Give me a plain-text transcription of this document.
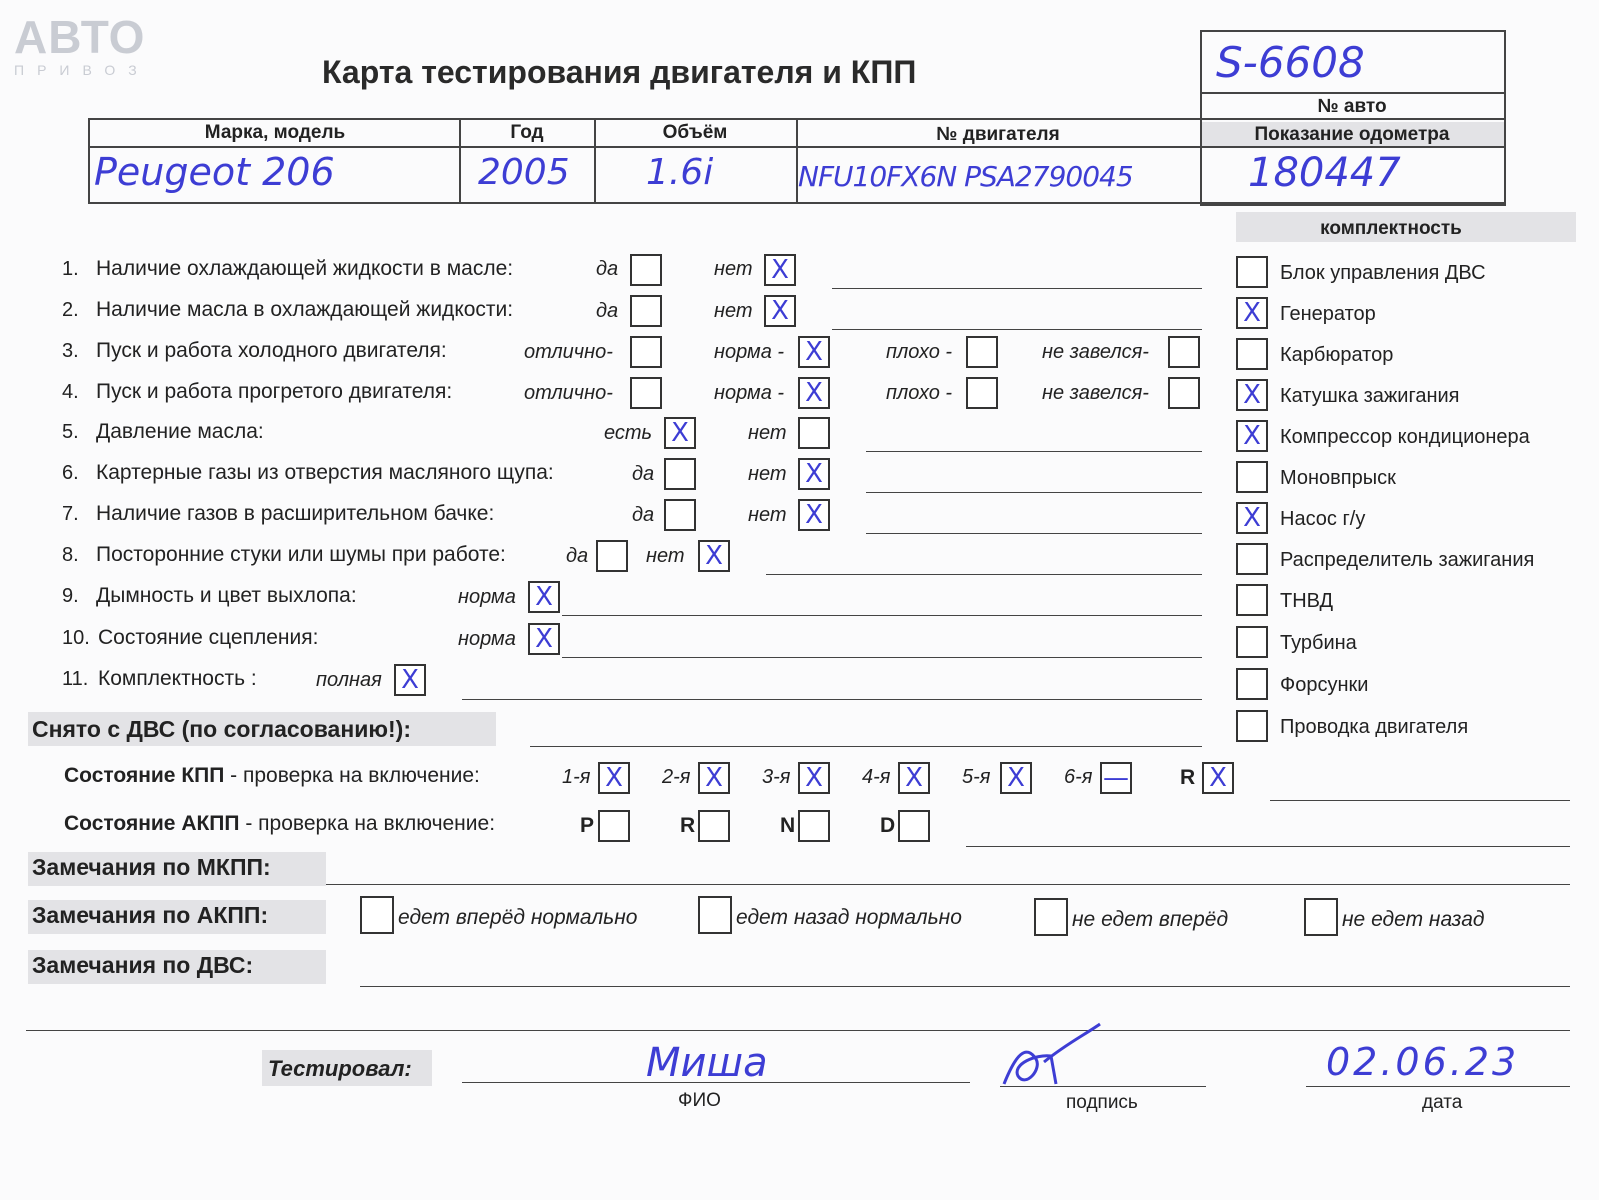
АВТО
ПРИВОЗ	Карта тестирования двигателя и КПП	S-6608
№ авто
Марка, модель	Год	Объём	№ двигателя	Показание одометра
Peugeot 206	2005 1.6i	NFU10FX6N PSA2790045	180447
1. Наличие охлаждающей жидкости в масле:	да	нет X
2. Наличие масла в охлаждающей жидкости:	да	нет X
3. Пуск и работа холодного двигателя:	отлично-	норма - X	плохо -	не завелся-
4. Пуск и работа прогретого двигателя:	отлично-	норма - X	плохо -	не завелся-
5. Давление масла:	есть X	нет
6. Картерные газы из отверстия масляного щупа:	да	нет X
7. Наличие газов в расширительном бачке:	да	нет X
8. Посторонние стуки или шумы при работе:	да	нет X
9. Дымность и цвет выхлопа:	норма X
10. Состояние сцепления:	норма X
11. Комплектность :	полная X
комплектность
Блок управления ДВС
X Генератор
Карбюратор
X Катушка зажигания
X Компрессор кондиционера
Моновпрыск
X Насос г/у
Распределитель зажигания
ТНВД
Турбина
Форсунки
Проводка двигателя
Снято с ДВС (по согласованию!):
Состояние КПП - проверка на включение:	1-я X 2-я X 3-я X 4-я X 5-я X 6-я — R X
Состояние АКПП - проверка на включение:	P	R	N	D
Замечания по МКПП:
Замечания по АКПП:	едет вперёд нормально	едет назад нормально	не едет вперёд	не едет назад
Замечания по ДВС:
Тестировал:	Миша
ФИО	подпись
02.06.23
дата
